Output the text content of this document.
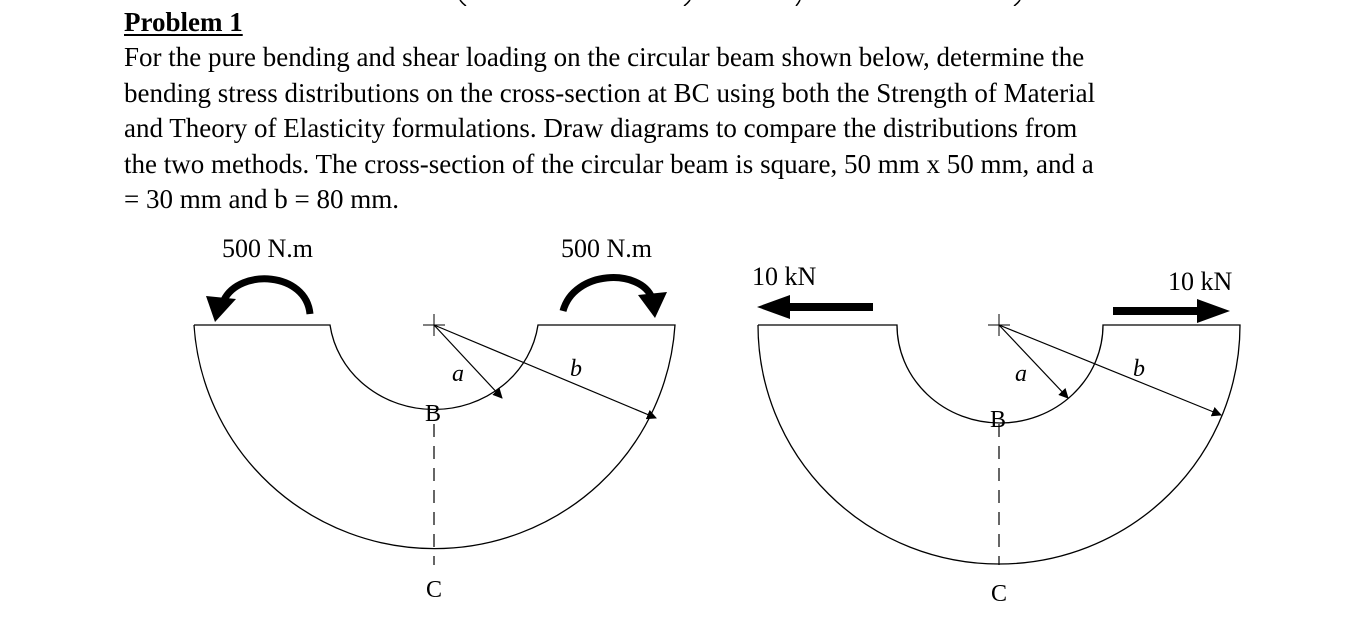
Problem 1
For the pure bending and shear loading on the circular beam shown below, determine the
bending stress distributions on the cross-section at BC using both the Strength of Material
and Theory of Elasticity formulations. Draw diagrams to compare the distributions from
the two methods. The cross-section of the circular beam is square, 50 mm x 50 mm, and a
= 30 mm and b = 80 mm.
500 N.m	500 N.m
a	b
B
C
10 kN	10 kN
a	b
B
C
